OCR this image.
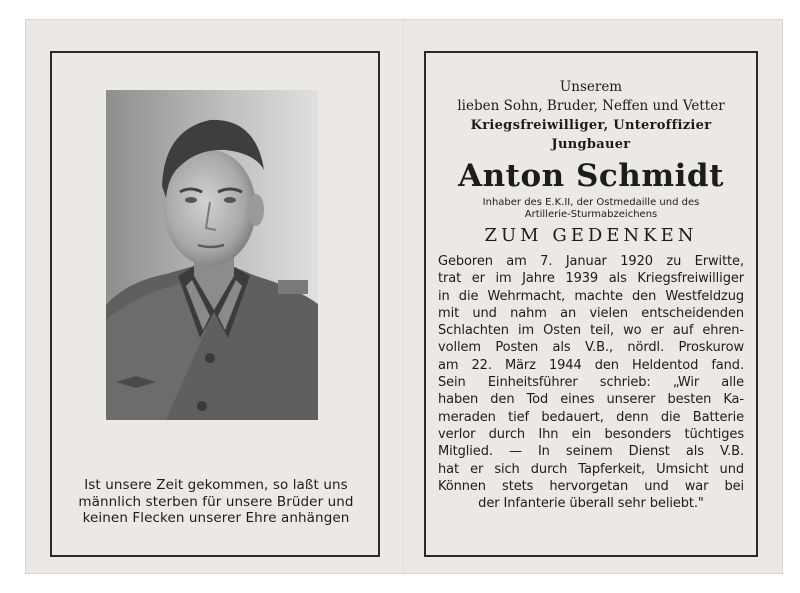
Ist unsere Zeit gekommen, so laßt uns
männlich sterben für unsere Brüder und
keinen Flecken unserer Ehre anhängen
Unserem
lieben Sohn, Bruder, Neffen und Vetter
Kriegsfreiwilliger, Unteroffizier
Jungbauer
Anton Schmidt
Inhaber des E.K.II, der Ostmedaille und des
Artillerie-Sturmabzeichens
ZUM GEDENKEN
Geboren am 7. Januar 1920 zu Erwitte,
trat er im Jahre 1939 als Kriegsfreiwilliger
in die Wehrmacht, machte den Westfeldzug
mit und nahm an vielen entscheidenden
Schlachten im Osten teil, wo er auf ehren-
vollem Posten als V.B., nördl. Proskurow
am 22. März 1944 den Heldentod fand.
Sein Einheitsführer schrieb: „Wir alle
haben den Tod eines unserer besten Ka-
meraden tief bedauert, denn die Batterie
verlor durch Ihn ein besonders tüchtiges
Mitglied. — In seinem Dienst als V.B.
hat er sich durch Tapferkeit, Umsicht und
Können stets hervorgetan und war bei
der Infanterie überall sehr beliebt."
